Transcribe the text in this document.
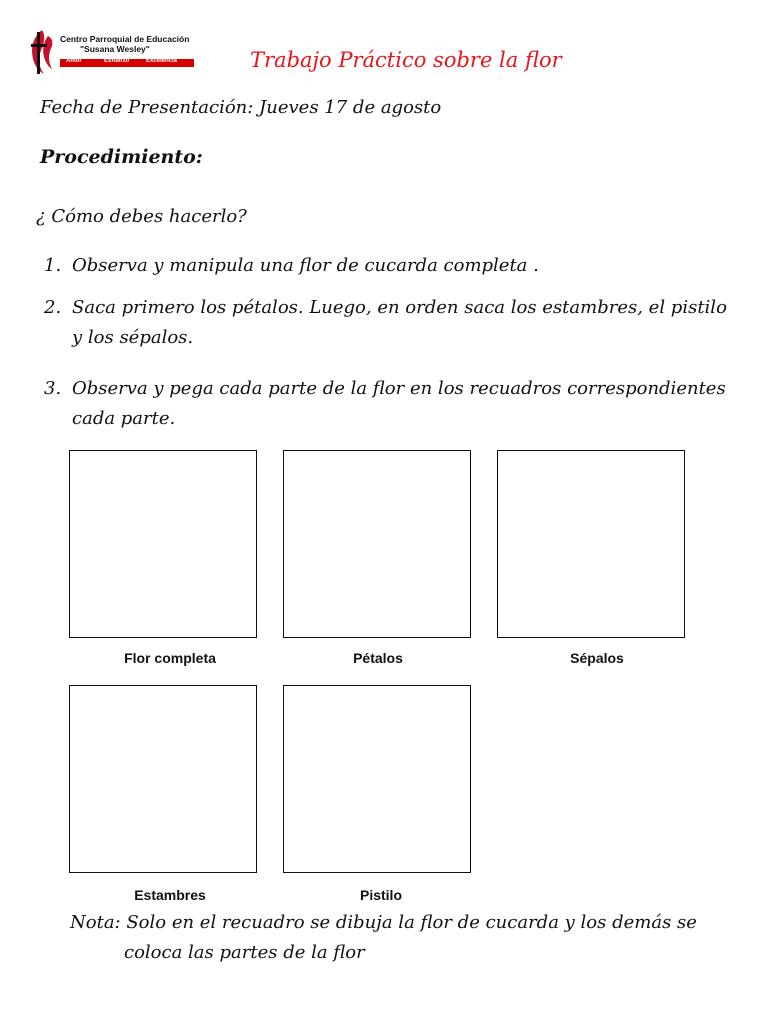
Centro Parroquial de Educación
"Susana Wesley"
Amor	Esfuerzo	Excelencia	Trabajo Práctico sobre la flor
Fecha de Presentación: Jueves 17 de agosto
Procedimiento:
¿ Cómo debes hacerlo?
1. Observa y manipula una flor de cucarda completa .
2. Saca primero los pétalos. Luego, en orden saca los estambres, el pistilo y los sépalos.
3. Observa y pega cada parte de la flor en los recuadros correspondientes cada parte.
Flor completa	Pétalos	Sépalos
Estambres	Pistilo
Nota: Solo en el recuadro se dibuja la flor de cucarda y los demás se
coloca las partes de la flor
